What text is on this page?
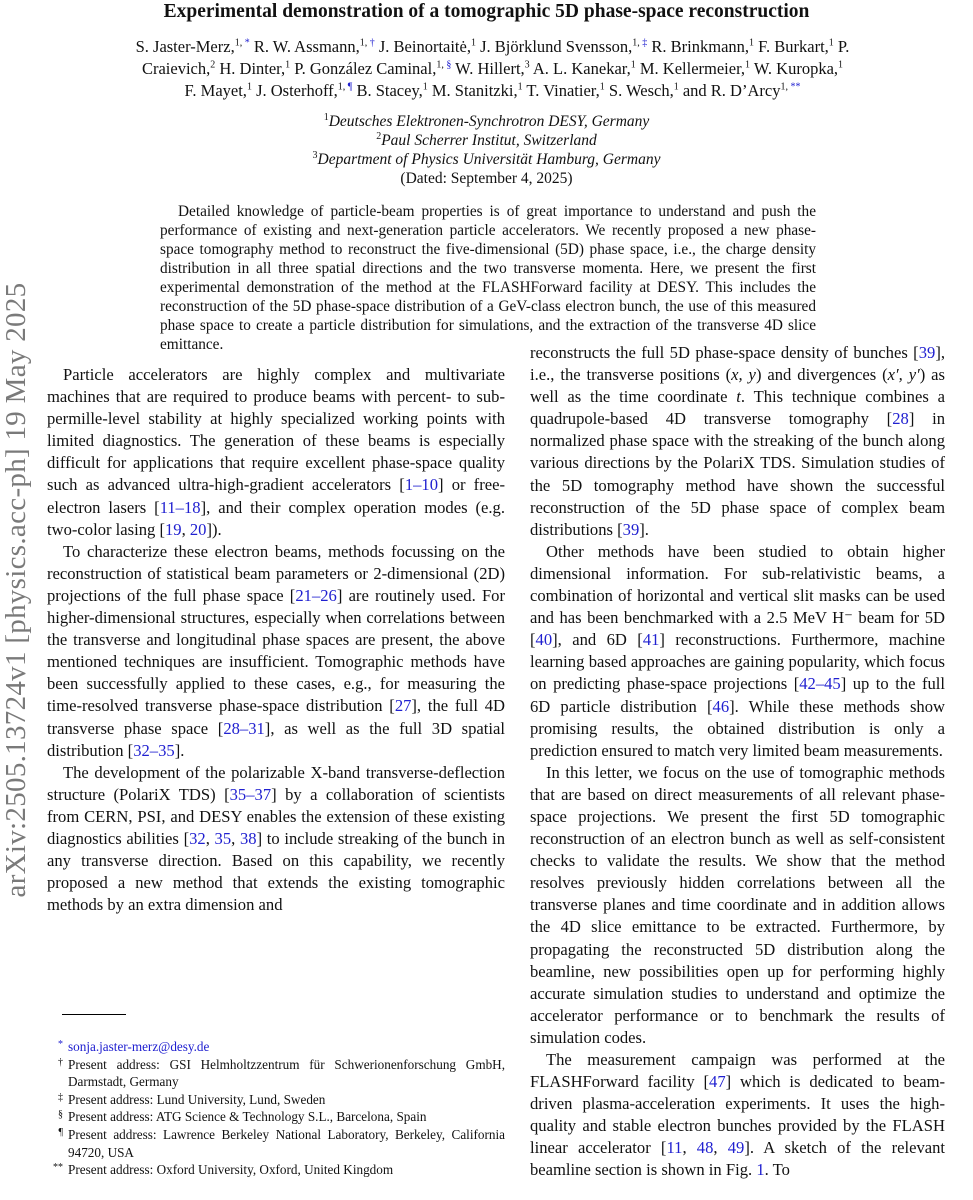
arXiv:2505.13724v1 [physics.acc-ph] 19 May 2025
Experimental demonstration of a tomographic 5D phase-space reconstruction
S. Jaster-Merz,$^{1,}$ * R. W. Assmann,$^{1,}$ † J. Beinortaitė,$^1$ J. Björklund Svensson,$^{1,}$ ‡ R. Brinkmann,$^1$ F. Burkart,$^1$ P.
Craievich,$^2$ H. Dinter,$^1$ P. González Caminal,$^{1,}$ § W. Hillert,$^3$ A. L. Kanekar,$^1$ M. Kellermeier,$^1$ W. Kuropka,$^1$
F. Mayet,$^1$ J. Osterhoff,$^{1,}$ ¶ B. Stacey,$^1$ M. Stanitzki,$^1$ T. Vinatier,$^1$ S. Wesch,$^1$ and R. D’Arcy$^{1,}$ **
$^1$Deutsches Elektronen-Synchrotron DESY, Germany
$^2$Paul Scherrer Institut, Switzerland
$^3$Department of Physics Universität Hamburg, Germany
(Dated: September 4, 2025)
Detailed knowledge of particle-beam properties is of great importance to understand and push the performance of existing and next-generation particle accelerators. We recently proposed a new phase-space tomography method to reconstruct the five-dimensional (5D) phase space, i.e., the charge density distribution in all three spatial directions and the two transverse momenta. Here, we present the first experimental demonstration of the method at the FLASHForward facility at DESY. This includes the reconstruction of the 5D phase-space distribution of a GeV-class electron bunch, the use of this measured phase space to create a particle distribution for simulations, and the extraction of the transverse 4D slice emittance.

Particle accelerators are highly complex and multivariate machines that are required to produce beams with percent- to sub-permille-level stability at highly specialized working points with limited diagnostics. The generation of these beams is especially difficult for applications that require excellent phase-space quality such as advanced ultra-high-gradient accelerators [1–10] or free-electron lasers [11–18], and their complex operation modes (e.g. two-color lasing [19, 20]).

To characterize these electron beams, methods focussing on the reconstruction of statistical beam parameters or 2-dimensional (2D) projections of the full phase space [21–26] are routinely used. For higher-dimensional structures, especially when correlations between the transverse and longitudinal phase spaces are present, the above mentioned techniques are insufficient. Tomographic methods have been successfully applied to these cases, e.g., for measuring the time-resolved transverse phase-space distribution [27], the full 4D transverse phase space [28–31], as well as the full 3D spatial distribution [32–35].

The development of the polarizable X-band transverse-deflection structure (PolariX TDS) [35–37] by a collaboration of scientists from CERN, PSI, and DESY enables the extension of these existing diagnostics abilities [32, 35, 38] to include streaking of the bunch in any transverse direction. Based on this capability, we recently proposed a new method that extends the existing tomographic methods by an extra dimension and

reconstructs the full 5D phase-space density of bunches [39], i.e., the transverse positions (x, y) and divergences (x′, y′) as well as the time coordinate t. This technique combines a quadrupole-based 4D transverse tomography [28] in normalized phase space with the streaking of the bunch along various directions by the PolariX TDS. Simulation studies of the 5D tomography method have shown the successful reconstruction of the 5D phase space of complex beam distributions [39].

Other methods have been studied to obtain higher dimensional information. For sub-relativistic beams, a combination of horizontal and vertical slit masks can be used and has been benchmarked with a 2.5 MeV H⁻ beam for 5D [40], and 6D [41] reconstructions. Furthermore, machine learning based approaches are gaining popularity, which focus on predicting phase-space projections [42–45] up to the full 6D particle distribution [46]. While these methods show promising results, the obtained distribution is only a prediction ensured to match very limited beam measurements.

In this letter, we focus on the use of tomographic methods that are based on direct measurements of all relevant phase-space projections. We present the first 5D tomographic reconstruction of an electron bunch as well as self-consistent checks to validate the results. We show that the method resolves previously hidden correlations between all the transverse planes and time coordinate and in addition allows the 4D slice emittance to be extracted. Furthermore, by propagating the reconstructed 5D distribution along the beamline, new possibilities open up for performing highly accurate simulation studies to understand and optimize the accelerator performance or to benchmark the results of simulation codes.

The measurement campaign was performed at the FLASHForward facility [47] which is dedicated to beam-driven plasma-acceleration experiments. It uses the high-quality and stable electron bunches provided by the FLASH linear accelerator [11, 48, 49]. A sketch of the relevant beamline section is shown in Fig. 1. To

* sonja.jaster-merz@desy.de
† Present address: GSI Helmholtzzentrum für Schwerionenforschung GmbH, Darmstadt, Germany
‡ Present address: Lund University, Lund, Sweden
§ Present address: ATG Science & Technology S.L., Barcelona, Spain
¶ Present address: Lawrence Berkeley National Laboratory, Berkeley, California 94720, USA
** Present address: Oxford University, Oxford, United Kingdom
